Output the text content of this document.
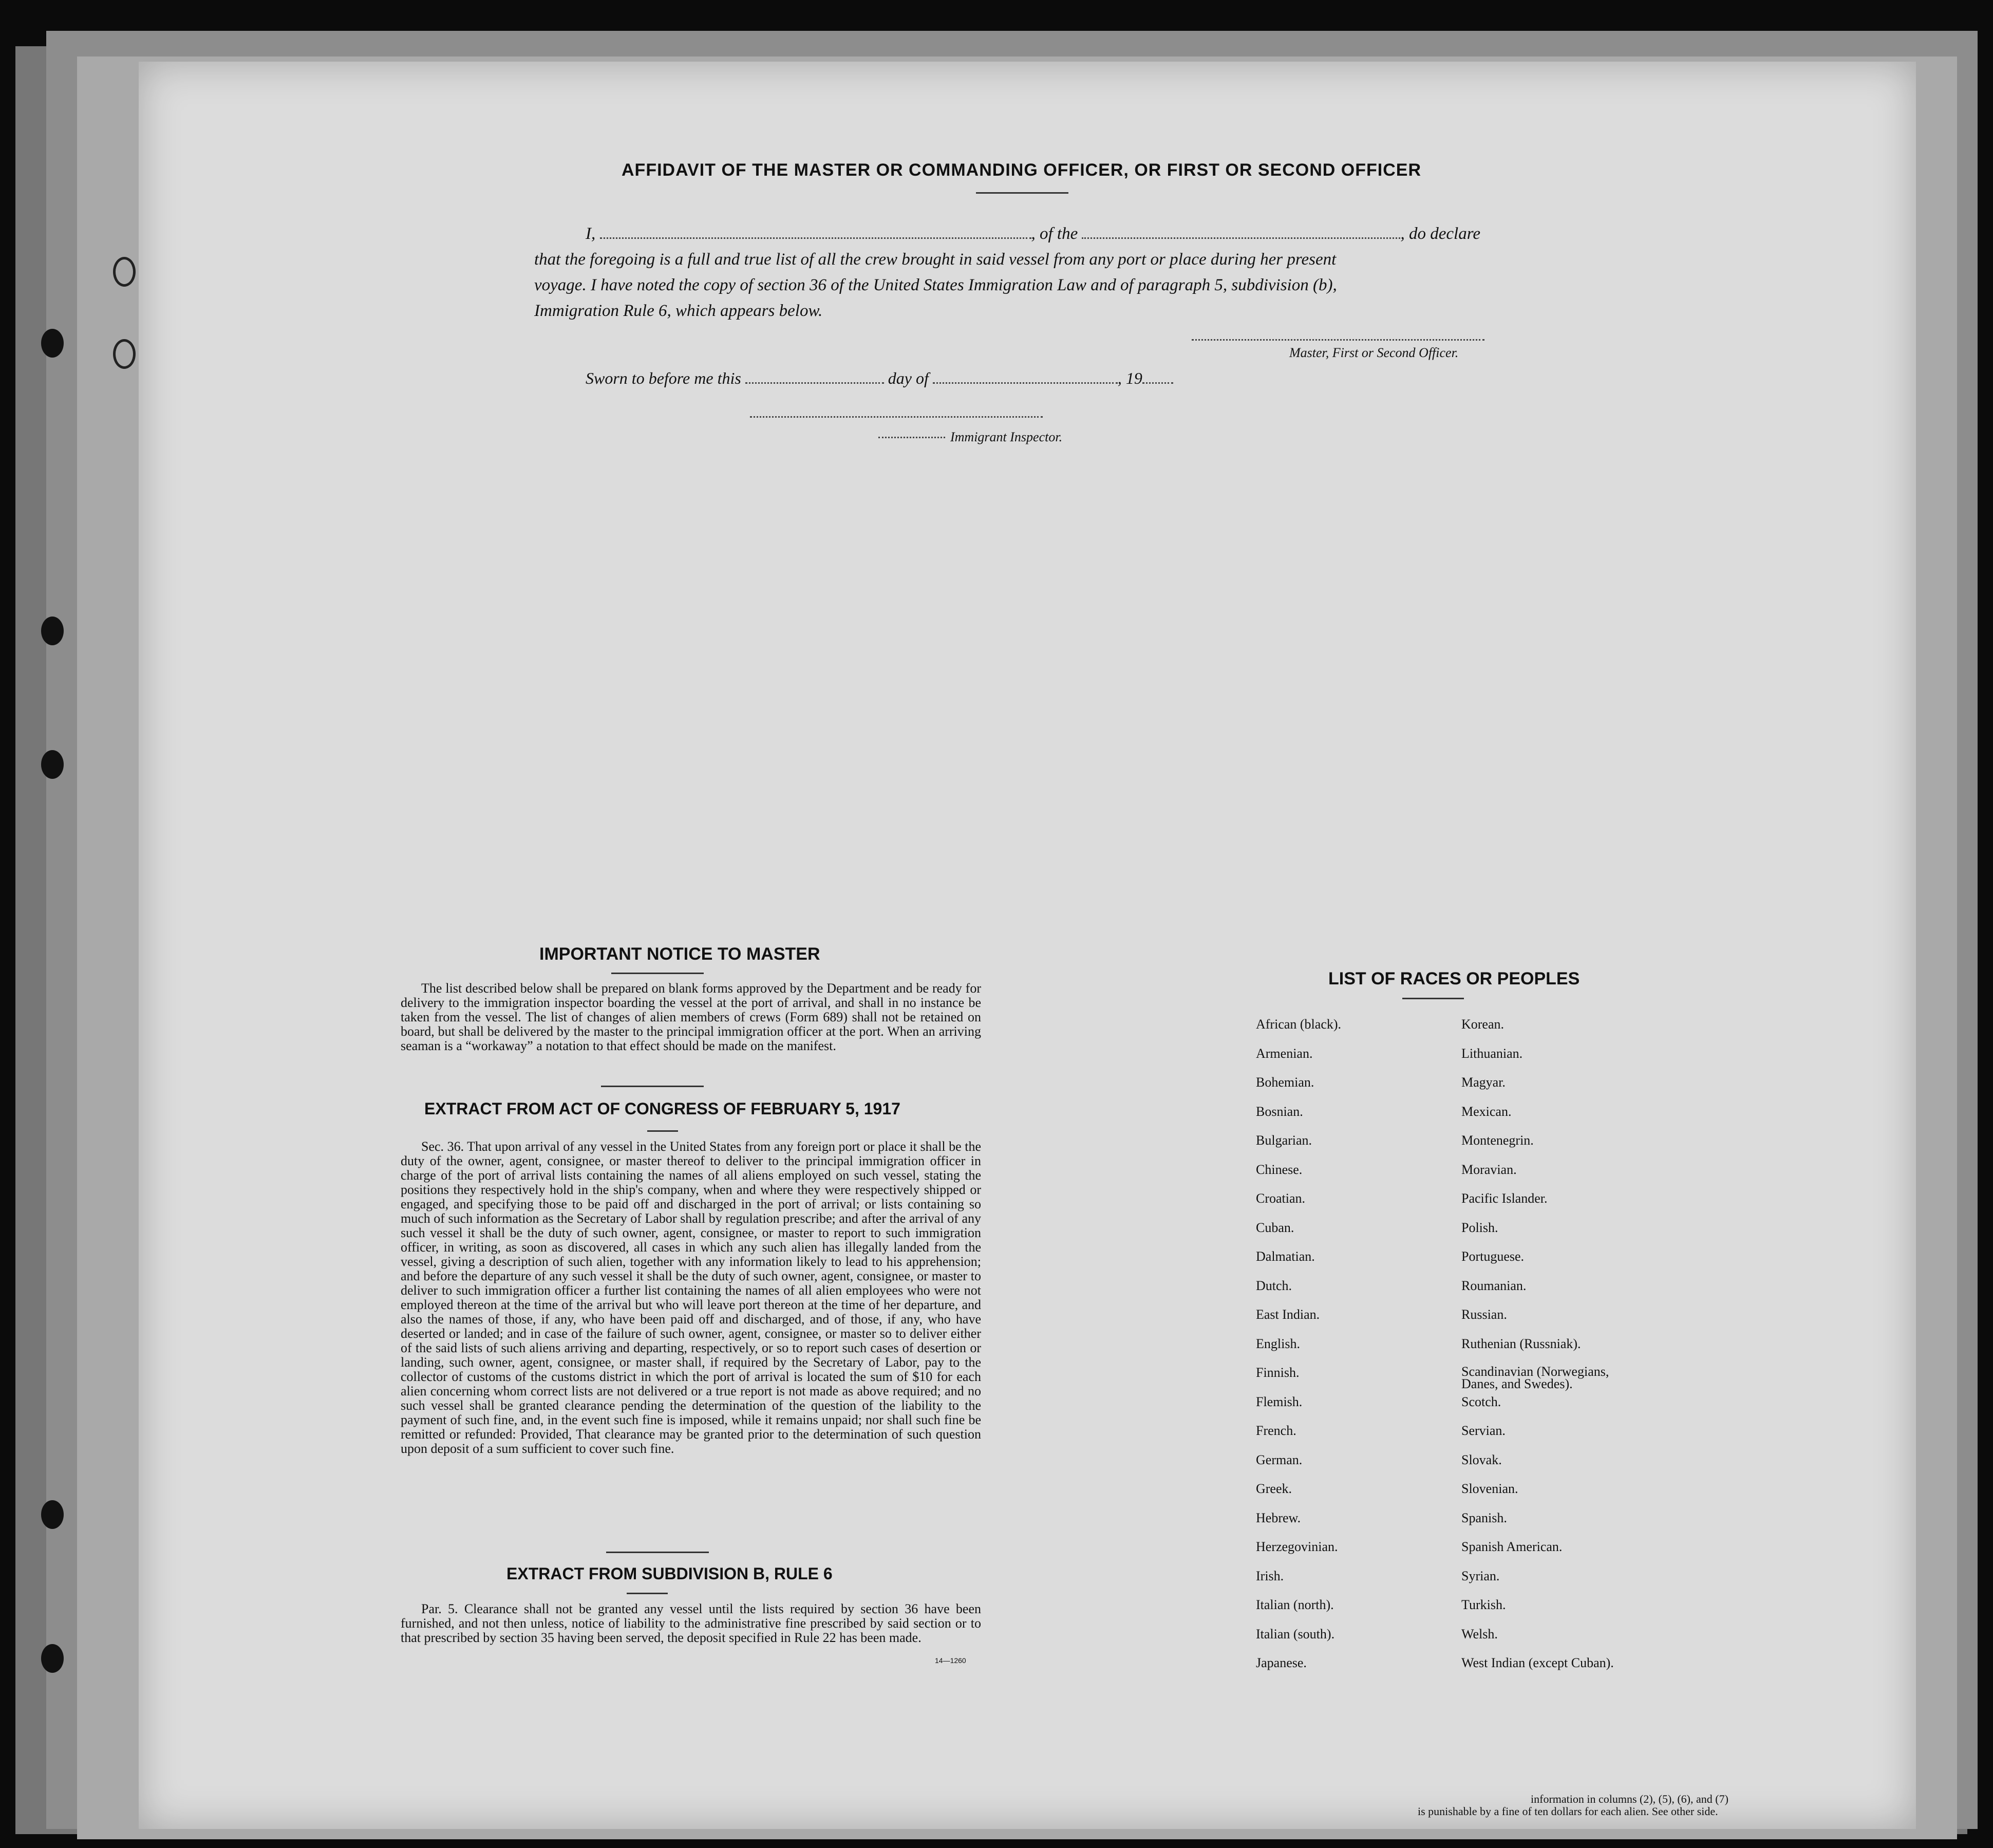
AFFIDAVIT OF THE MASTER OR COMMANDING OFFICER, OR FIRST OR SECOND OFFICER
I,	, of the	, do declare
that the foregoing is a full and true list of all the crew brought in said vessel from any port or place during her present
voyage. I have noted the copy of section 36 of the United States Immigration Law and of paragraph 5, subdivision (b),
Immigration Rule 6, which appears below.
Master, First or Second Officer.
Sworn to before me this	day of	, 19
Immigrant Inspector.
IMPORTANT NOTICE TO MASTER
The list described below shall be prepared on blank forms approved by the Department and be ready for delivery to the immigration inspector boarding the vessel at the port of arrival, and shall in no instance be taken from the vessel. The list of changes of alien members of crews (Form 689) shall not be retained on board, but shall be delivered by the master to the principal immigration officer at the port. When an arriving seaman is a “workaway” a notation to that effect should be made on the manifest.
EXTRACT FROM ACT OF CONGRESS OF FEBRUARY 5, 1917
Sec. 36. That upon arrival of any vessel in the United States from any foreign port or place it shall be the duty of the owner, agent, consignee, or master thereof to deliver to the principal immigration officer in charge of the port of arrival lists containing the names of all aliens employed on such vessel, stating the positions they respectively hold in the ship's company, when and where they were respectively shipped or engaged, and specifying those to be paid off and discharged in the port of arrival; or lists containing so much of such information as the Secretary of Labor shall by regulation prescribe; and after the arrival of any such vessel it shall be the duty of such owner, agent, consignee, or master to report to such immigration officer, in writing, as soon as discovered, all cases in which any such alien has illegally landed from the vessel, giving a description of such alien, together with any information likely to lead to his apprehension; and before the departure of any such vessel it shall be the duty of such owner, agent, consignee, or master to deliver to such immigration officer a further list containing the names of all alien employees who were not employed thereon at the time of the arrival but who will leave port thereon at the time of her departure, and also the names of those, if any, who have been paid off and discharged, and of those, if any, who have deserted or landed; and in case of the failure of such owner, agent, consignee, or master so to deliver either of the said lists of such aliens arriving and departing, respectively, or so to report such cases of desertion or landing, such owner, agent, consignee, or master shall, if required by the Secretary of Labor, pay to the collector of customs of the customs district in which the port of arrival is located the sum of $10 for each alien concerning whom correct lists are not delivered or a true report is not made as above required; and no such vessel shall be granted clearance pending the determination of the question of the liability to the payment of such fine, and, in the event such fine is imposed, while it remains unpaid; nor shall such fine be remitted or refunded: Provided, That clearance may be granted prior to the determination of such question upon deposit of a sum sufficient to cover such fine.
EXTRACT FROM SUBDIVISION B, RULE 6
Par. 5. Clearance shall not be granted any vessel until the lists required by section 36 have been furnished, and not then unless, notice of liability to the administrative fine prescribed by said section or to that prescribed by section 35 having been served, the deposit specified in Rule 22 has been made.
14—1260
LIST OF RACES OR PEOPLES
African (black).
Armenian.
Bohemian.
Bosnian.
Bulgarian.
Chinese.
Croatian.
Cuban.
Dalmatian.
Dutch.
East Indian.
English.
Finnish.
Flemish.
French.
German.
Greek.
Hebrew.
Herzegovinian.
Irish.
Italian (north).
Italian (south).
Japanese.
Korean.
Lithuanian.
Magyar.
Mexican.
Montenegrin.
Moravian.
Pacific Islander.
Polish.
Portuguese.
Roumanian.
Russian.
Ruthenian (Russniak).
Scandinavian (Norwegians, Danes, and Swedes).
Scotch.
Servian.
Slovak.
Slovenian.
Spanish.
Spanish American.
Syrian.
Turkish.
Welsh.
West Indian (except Cuban).
information in columns (2), (5), (6), and (7)
is punishable by a fine of ten dollars for each alien. See other side.
